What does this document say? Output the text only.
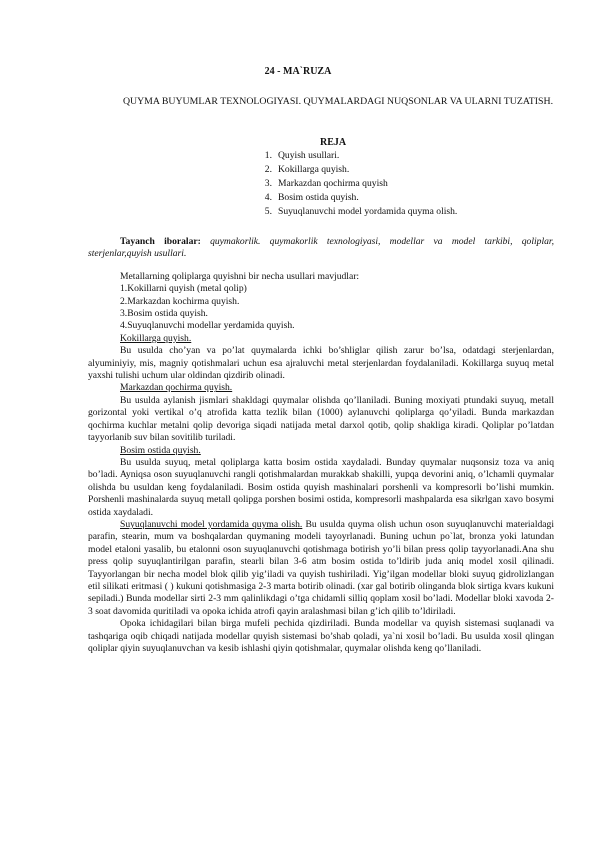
24 - MA`RUZA
QUYMA BUYUMLAR TEXNOLOGIYASI. QUYMALARDAGI NUQSONLAR VA ULARNI TUZATISH.
REJA
1. Quyish usullari.
2. Kokillarga quyish.
3. Markazdan qochirma quyish
4. Bosim ostida quyish.
5. Suyuqlanuvchi model yordamida quyma olish.

Tayanch iboralar: quymakorlik. quymakorlik texnologiyasi, modellar va model tarkibi, qoliplar, sterjenlar,quyish usullari.

Metallarning qoliplarga quyishni bir necha usullari mavjudlar:

1.Kokillarni quyish (metal qolip)

2.Markazdan kochirma quyish.

3.Bosim ostida quyish.

4.Suyuqlanuvchi modellar yerdamida quyish.

Kokillarga quyish.

Bu usulda cho’yan va po’lat quymalarda ichki bo’shliglar qilish zarur bo’lsa, odatdagi sterjenlardan, alyuminiyiy, mis, magniy qotishmalari uchun esa ajraluvchi metal sterjenlardan foydalaniladi. Kokillarga suyuq metal yaxshi tulishi uchum ular oldindan qizdirib olinadi.

Markazdan qochirma quyish.

Bu usulda aylanish jismlari shakldagi quymalar olishda qo’llaniladi. Buning moxiyati ptundaki suyuq, metall gorizontal yoki vertikal o’q atrofida katta tezlik bilan (1000) aylanuvchi qoliplarga qo’yiladi. Bunda markazdan qochirma kuchlar metalni qolip devoriga siqadi natijada metal darxol qotib, qolip shakliga kiradi. Qoliplar po’latdan tayyorlanib suv bilan sovitilib turiladi.

Bosim ostida quyish.

Bu usulda suyuq, metal qoliplarga katta bosim ostida xaydaladi. Bunday quymalar nuqsonsiz toza va aniq bo’ladi. Ayniqsa oson suyuqlanuvchi rangli qotishmalardan murakkab shakilli, yupqa devorini aniq, o’lchamli quymalar olishda bu usuldan keng foydalaniladi. Bosim ostida quyish mashinalari porshenli va kompresorli bo’lishi mumkin. Porshenli mashinalarda suyuq metall qolipga porshen bosimi ostida, kompresorli mashpalarda esa sikrlgan xavo bosymi ostida xaydaladi.

Suyuqlanuvchi model yordamida quyma olish. Bu usulda quyma olish uchun oson suyuqlanuvchi materialdagi parafin, stearin, mum va boshqalardan quymaning modeli tayoyrlanadi. Buning uchun po`lat, bronza yoki latundan model etaloni yasalib, bu etalonni oson suyuqlanuvchi qotishmaga botirish yo’li bilan press qolip tayyorlanadi.Ana shu press qolip suyuqlantirilgan parafin, stearli bilan 3-6 atm bosim ostida to’ldirib juda aniq model xosil qilinadi. Tayyorlangan bir necha model blok qilib yig’iladi va quyish tushiriladi. Yig’ilgan modellar bloki suyuq gidrolizlangan etil silikati eritmasi ( ) kukuni qotishmasiga 2-3 marta botirib olinadi. (xar gal botirib olinganda blok sirtiga kvars kukuni sepiladi.) Bunda modellar sirti 2-3 mm qalinlikdagi o’tga chidamli silliq qoplam xosil bo’ladi. Modellar bloki xavoda 2-3 soat davomida quritiladi va opoka ichida atrofi qayin aralashmasi bilan g’ich qilib to’ldiriladi.

Opoka ichidagilari bilan birga mufeli pechida qizdiriladi. Bunda modellar va quyish sistemasi suqlanadi va tashqariga oqib chiqadi natijada modellar quyish sistemasi bo’shab qoladi, ya`ni xosil bo’ladi. Bu usulda xosil qlingan qoliplar qiyin suyuqlanuvchan va kesib ishlashi qiyin qotishmalar, quymalar olishda keng qo’llaniladi.
